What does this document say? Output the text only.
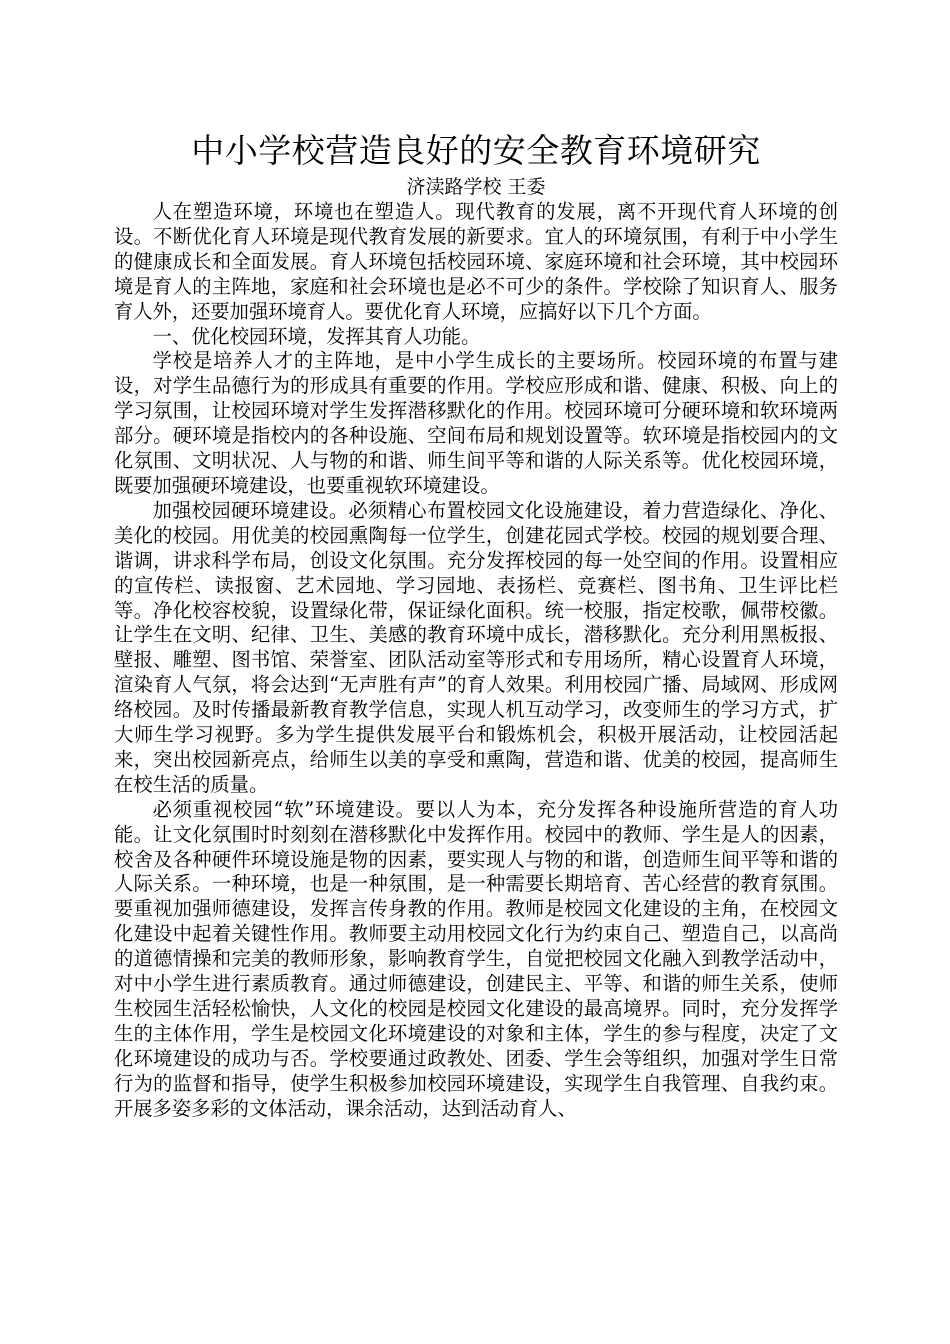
中小学校营造良好的安全教育环境研究

济渎路学校 王委

人在塑造环境，环境也在塑造人。现代教育的发展，离不开现代育人环境的创设。不断优化育人环境是现代教育发展的新要求。宜人的环境氛围，有利于中小学生的健康成长和全面发展。育人环境包括校园环境、家庭环境和社会环境，其中校园环境是育人的主阵地，家庭和社会环境也是必不可少的条件。学校除了知识育人、服务育人外，还要加强环境育人。要优化育人环境，应搞好以下几个方面。

一、优化校园环境，发挥其育人功能。

学校是培养人才的主阵地，是中小学生成长的主要场所。校园环境的布置与建设，对学生品德行为的形成具有重要的作用。学校应形成和谐、健康、积极、向上的学习氛围，让校园环境对学生发挥潜移默化的作用。校园环境可分硬环境和软环境两部分。硬环境是指校内的各种设施、空间布局和规划设置等。软环境是指校园内的文化氛围、文明状况、人与物的和谐、师生间平等和谐的人际关系等。优化校园环境，既要加强硬环境建设，也要重视软环境建设。

加强校园硬环境建设。必须精心布置校园文化设施建设，着力营造绿化、净化、美化的校园。用优美的校园熏陶每一位学生，创建花园式学校。校园的规划要合理、谐调，讲求科学布局，创设文化氛围。充分发挥校园的每一处空间的作用。设置相应的宣传栏、读报窗、艺术园地、学习园地、表扬栏、竞赛栏、图书角、卫生评比栏等。净化校容校貌，设置绿化带，保证绿化面积。统一校服，指定校歌，佩带校徽。让学生在文明、纪律、卫生、美感的教育环境中成长，潜移默化。充分利用黑板报、壁报、雕塑、图书馆、荣誉室、团队活动室等形式和专用场所，精心设置育人环境，渲染育人气氛，将会达到“无声胜有声”的育人效果。利用校园广播、局域网、形成网络校园。及时传播最新教育教学信息，实现人机互动学习，改变师生的学习方式，扩大师生学习视野。多为学生提供发展平台和锻炼机会，积极开展活动，让校园活起来，突出校园新亮点，给师生以美的享受和熏陶，营造和谐、优美的校园，提高师生在校生活的质量。

必须重视校园“软”环境建设。要以人为本，充分发挥各种设施所营造的育人功能。让文化氛围时时刻刻在潜移默化中发挥作用。校园中的教师、学生是人的因素，校舍及各种硬件环境设施是物的因素，要实现人与物的和谐，创造师生间平等和谐的人际关系。一种环境，也是一种氛围，是一种需要长期培育、苦心经营的教育氛围。要重视加强师德建设，发挥言传身教的作用。教师是校园文化建设的主角，在校园文化建设中起着关键性作用。教师要主动用校园文化行为约束自己、塑造自己，以高尚的道德情操和完美的教师形象，影响教育学生，自觉把校园文化融入到教学活动中，对中小学生进行素质教育。通过师德建设，创建民主、平等、和谐的师生关系，使师生校园生活轻松愉快，人文化的校园是校园文化建设的最高境界。同时，充分发挥学生的主体作用，学生是校园文化环境建设的对象和主体，学生的参与程度，决定了文化环境建设的成功与否。学校要通过政教处、团委、学生会等组织，加强对学生日常行为的监督和指导，使学生积极参加校园环境建设，实现学生自我管理、自我约束。开展多姿多彩的文体活动，课余活动，达到活动育人、
